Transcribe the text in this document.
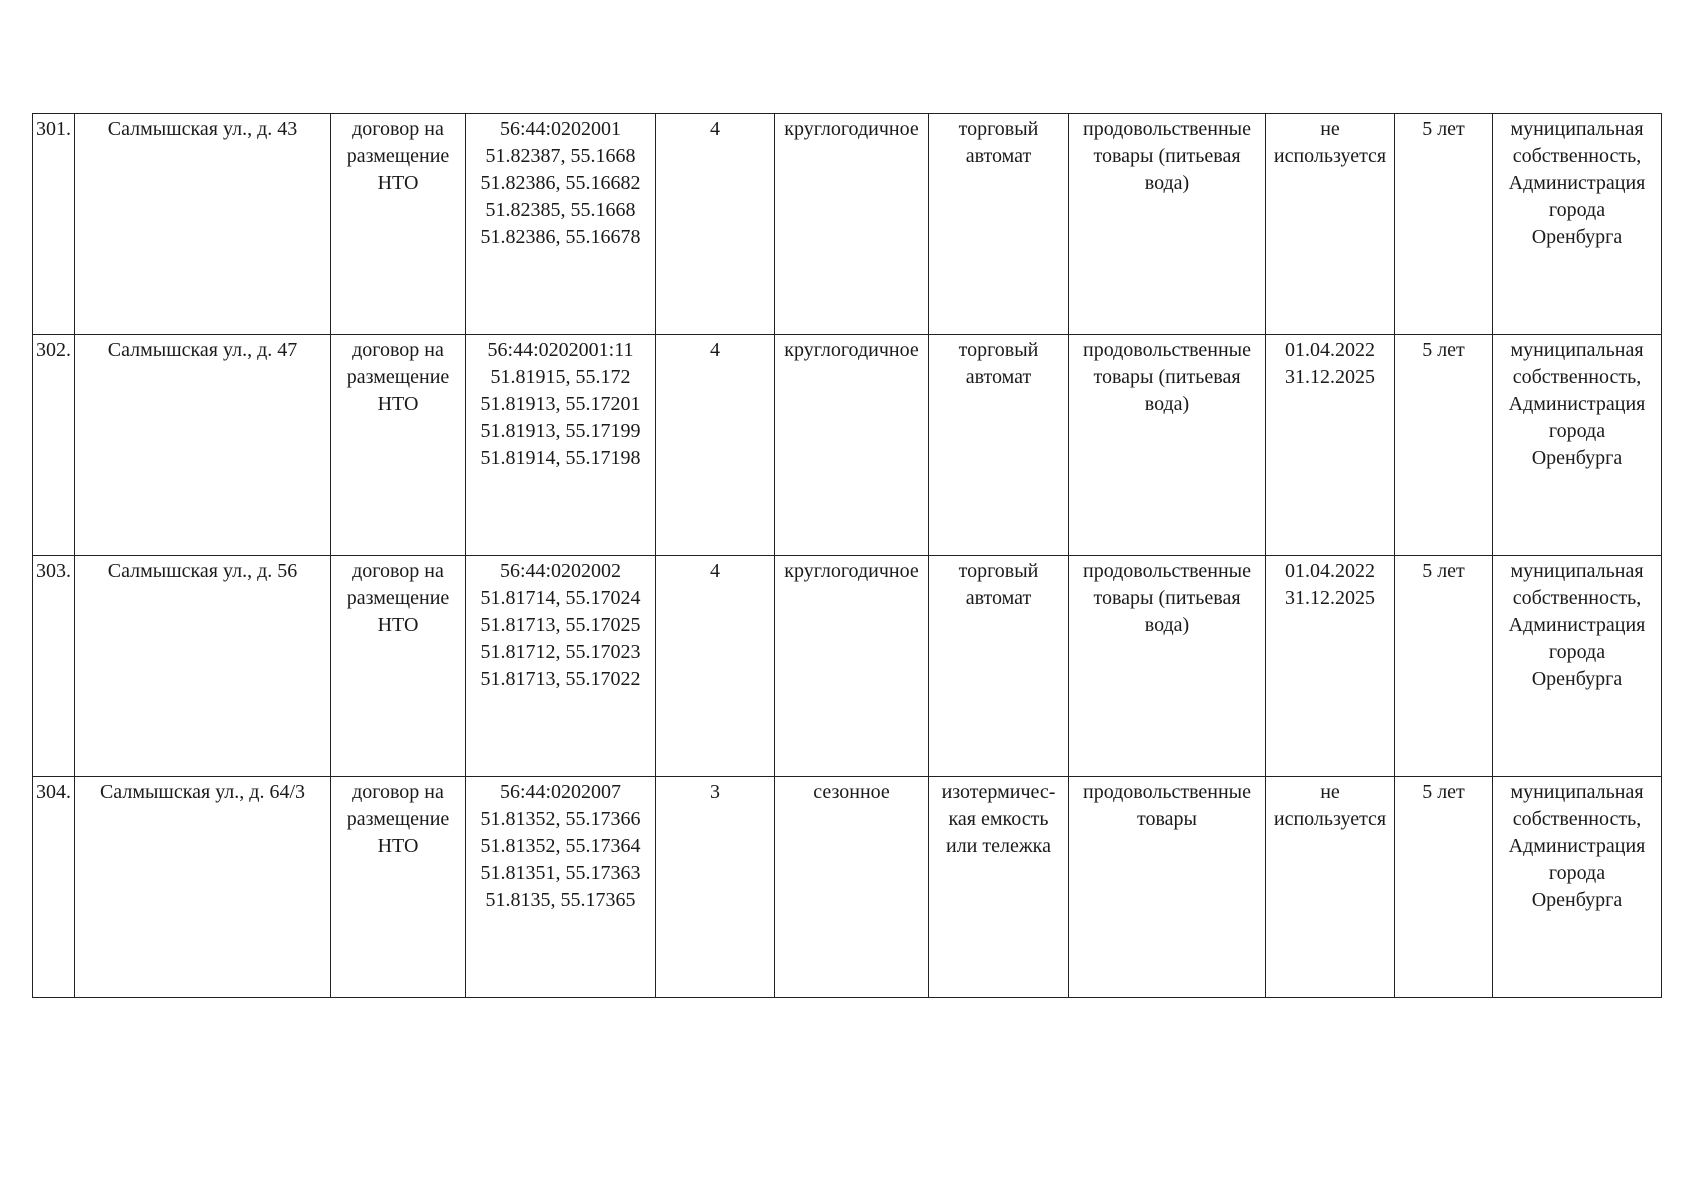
301.	Салмышская ул., д. 43	договор на
размещение
НТО	56:44:0202001
51.82387, 55.1668
51.82386, 55.16682
51.82385, 55.1668
51.82386, 55.16678	4	круглогодичное	торговый
автомат	продовольственные
товары (питьевая
вода)	не
используется	5 лет	муниципальная
собственность,
Администрация
города
Оренбурга

302.	Салмышская ул., д. 47	договор на
размещение
НТО	56:44:0202001:11
51.81915, 55.172
51.81913, 55.17201
51.81913, 55.17199
51.81914, 55.17198	4	круглогодичное	торговый
автомат	продовольственные
товары (питьевая
вода)	01.04.2022
31.12.2025	5 лет	муниципальная
собственность,
Администрация
города
Оренбурга

303.	Салмышская ул., д. 56	договор на
размещение
НТО	56:44:0202002
51.81714, 55.17024
51.81713, 55.17025
51.81712, 55.17023
51.81713, 55.17022	4	круглогодичное	торговый
автомат	продовольственные
товары (питьевая
вода)	01.04.2022
31.12.2025	5 лет	муниципальная
собственность,
Администрация
города
Оренбурга

304.	Салмышская ул., д. 64/3	договор на
размещение
НТО	56:44:0202007
51.81352, 55.17366
51.81352, 55.17364
51.81351, 55.17363
51.8135, 55.17365	3	сезонное	изотермичес-
кая емкость
или тележка	продовольственные
товары	не
используется	5 лет	муниципальная
собственность,
Администрация
города
Оренбурга
